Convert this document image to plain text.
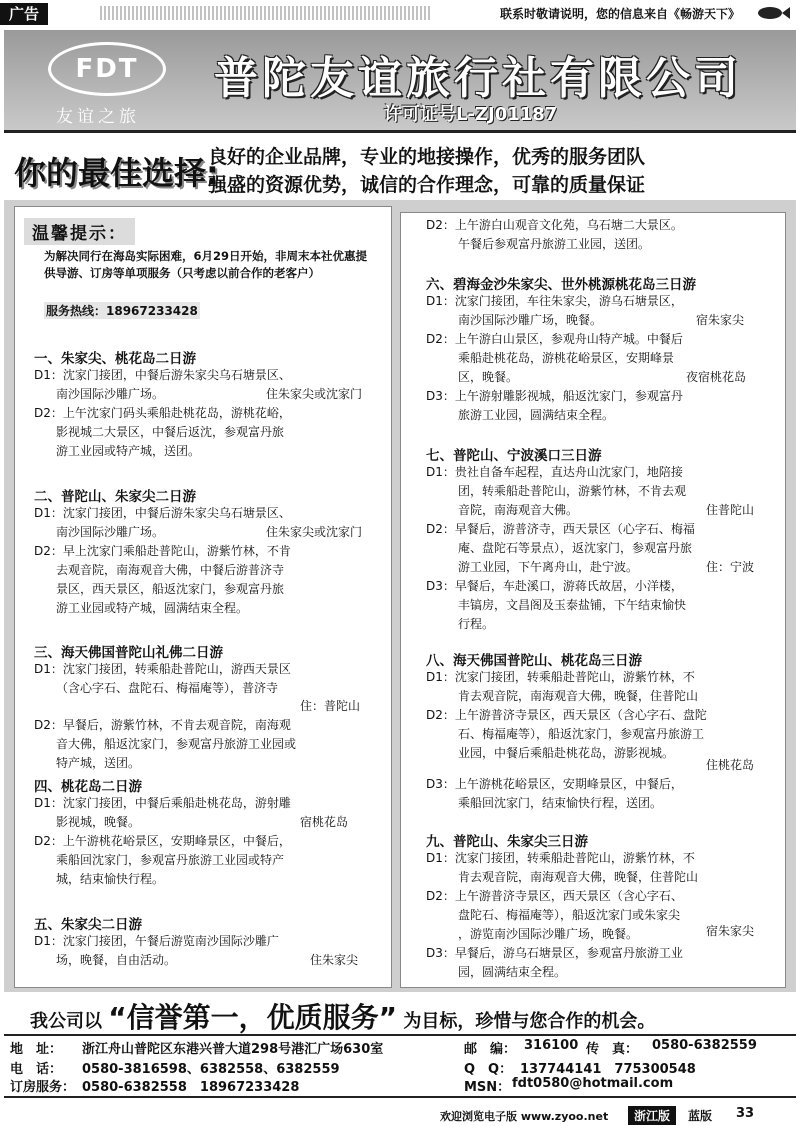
广告	联系时敬请说明，您的信息来自《畅游天下》
FDT
友谊之旅
普陀友谊旅行社有限公司
许可证号L-ZJ01187
你的最佳选择:
良好的企业品牌，专业的地接操作，优秀的服务团队
强盛的资源优势，诚信的合作理念，可靠的质量保证
温馨提示：
为解决同行在海岛实际困难，6月29日开始，非周末本社优惠提供导游、订房等单项服务（只考虑以前合作的老客户）
服务热线：18967233428
一、朱家尖、桃花岛二日游
D1：沈家门接团，中餐后游朱家尖乌石塘景区、
南沙国际沙雕广场。	住朱家尖或沈家门
D2：上午沈家门码头乘船赴桃花岛，游桃花峪，
影视城二大景区，中餐后返沈，参观富丹旅
游工业园或特产城，送团。
二、普陀山、朱家尖二日游
D1：沈家门接团，中餐后游朱家尖乌石塘景区、
南沙国际沙雕广场。	住朱家尖或沈家门
D2：早上沈家门乘船赴普陀山，游紫竹林，不肯
去观音院，南海观音大佛，中餐后游普济寺
景区，西天景区，船返沈家门，参观富丹旅
游工业园或特产城，圆满结束全程。
三、海天佛国普陀山礼佛二日游
D1：沈家门接团，转乘船赴普陀山，游西天景区
（含心字石、盘陀石、梅福庵等），普济寺
住：普陀山
D2：早餐后，游紫竹林，不肯去观音院，南海观
音大佛，船返沈家门，参观富丹旅游工业园或
特产城，送团。
四、桃花岛二日游
D1：沈家门接团，中餐后乘船赴桃花岛，游射雕
影视城，晚餐。	宿桃花岛
D2：上午游桃花峪景区，安期峰景区，中餐后，
乘船回沈家门，参观富丹旅游工业园或特产
城，结束愉快行程。
五、朱家尖二日游
D1：沈家门接团，午餐后游览南沙国际沙雕广
场，晚餐，自由活动。	住朱家尖
D2：上午游白山观音文化苑，乌石塘二大景区。
午餐后参观富丹旅游工业园，送团。
六、碧海金沙朱家尖、世外桃源桃花岛三日游
D1：沈家门接团，车往朱家尖，游乌石塘景区，
南沙国际沙雕广场，晚餐。	宿朱家尖
D2：上午游白山景区，参观舟山特产城。中餐后
乘船赴桃花岛，游桃花峪景区，安期峰景
区，晚餐。	夜宿桃花岛
D3：上午游射雕影视城，船返沈家门，参观富丹
旅游工业园，圆满结束全程。
七、普陀山、宁波溪口三日游
D1：贵社自备车起程，直达舟山沈家门，地陪接
团，转乘船赴普陀山，游紫竹林，不肯去观
音院，南海观音大佛。	住普陀山
D2：早餐后，游普济寺，西天景区（心字石、梅福
庵、盘陀石等景点），返沈家门，参观富丹旅
游工业园，下午离舟山，赴宁波。	住：宁波
D3：早餐后，车赴溪口，游蒋氏故居，小洋楼，
丰镐房，文昌阁及玉泰盐铺，下午结束愉快
行程。
八、海天佛国普陀山、桃花岛三日游
D1：沈家门接团，转乘船赴普陀山，游紫竹林，不
肯去观音院，南海观音大佛，晚餐，住普陀山
D2：上午游普济寺景区，西天景区（含心字石、盘陀
石、梅福庵等），船返沈家门，参观富丹旅游工
业园，中餐后乘船赴桃花岛，游影视城。
住桃花岛
D3：上午游桃花峪景区，安期峰景区，中餐后，
乘船回沈家门，结束愉快行程，送团。
九、普陀山、朱家尖三日游
D1：沈家门接团，转乘船赴普陀山，游紫竹林，不
肯去观音院，南海观音大佛，晚餐，住普陀山
D2：上午游普济寺景区，西天景区（含心字石、
盘陀石、梅福庵等），船返沈家门或朱家尖
，游览南沙国际沙雕广场，晚餐。	宿朱家尖
D3：早餐后，游乌石塘景区，参观富丹旅游工业
园，圆满结束全程。
我公司以 “信誉第一，优质服务” 为目标，珍惜与您合作的机会。
地　址： 浙江舟山普陀区东港兴普大道298号港汇广场630室	邮　编： 316100 传　真： 0580-6382559
电　话： 0580-3816598、6382558、6382559	Q　Q： 137744141　775300548
订房服务： 0580-6382558　18967233428	MSN： fdt0580@hotmail.com
欢迎浏览电子版 www.zyoo.net	浙江版	蓝版 33
